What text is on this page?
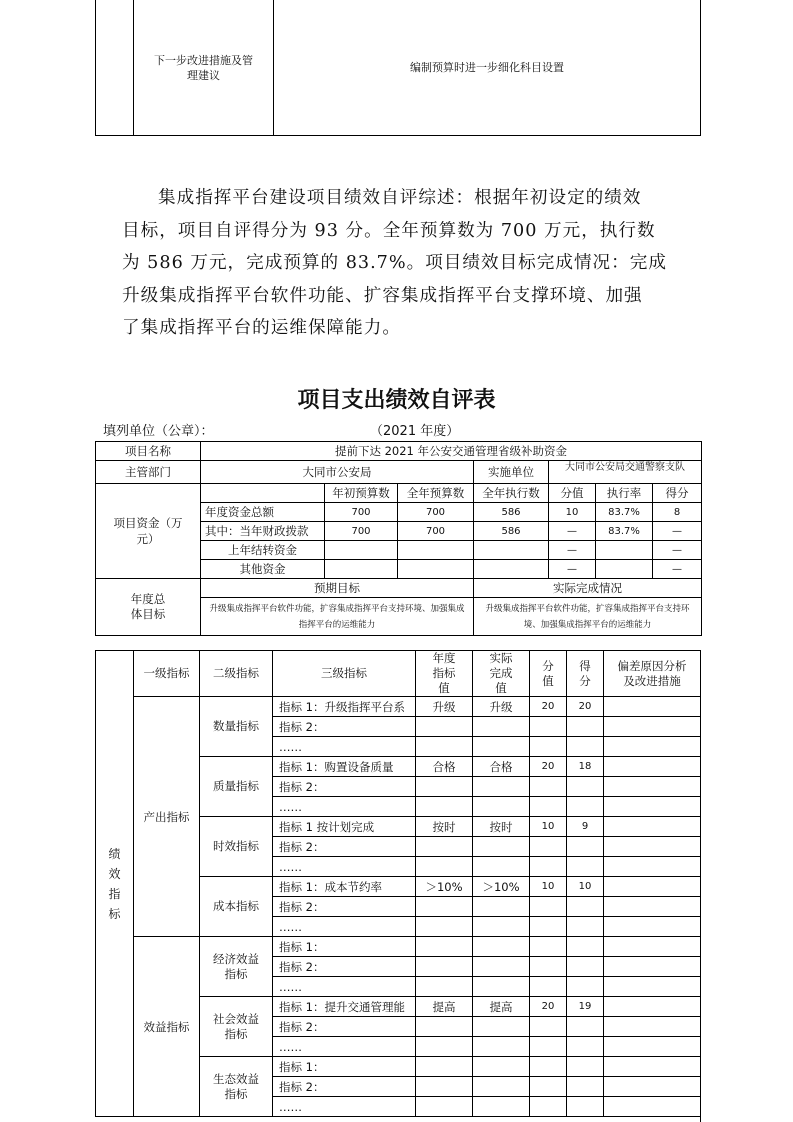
	下一步改进措施及管理建议	编制预算时进一步细化科目设置
集成指挥平台建设项目绩效自评综述：根据年初设定的绩效
目标，项目自评得分为 93 分。全年预算数为 700 万元，执行数
为 586 万元，完成预算的 83.7%。项目绩效目标完成情况：完成
升级集成指挥平台软件功能、扩容集成指挥平台支撑环境、加强
了集成指挥平台的运维保障能力。
项目支出绩效自评表
填列单位（公章）：	（2021 年度）
项目名称	提前下达 2021 年公安交通管理省级补助资金						
主管部门	大同市公安局			实施单位	大同市公安局交通警察支队		
项目资金（万元）		年初预算数	全年预算数	全年执行数	分值	执行率	得分
	年度资金总额	700	700	586	10	83.7%	8
	其中：当年财政拨款	700	700	586	—	83.7%	—
	上年结转资金				—		—
	其他资金				—		—

年度总体目标	预期目标			实际完成情况			
	升级集成指挥平台软件功能，扩容集成指挥平台支持环境、加强集成指挥平台的运维能力			升级集成指挥平台软件功能，扩容集成指挥平台支持环境、加强集成指挥平台的运维能力			
绩效指标	一级指标	二级指标	三级指标	年度指标值	实际完成值	分值	得分	偏差原因分析及改进措施
	产出指标	数量指标	指标 1：升级指挥平台系	升级	升级	20	20	
			指标 2：					
			……					
		质量指标	指标 1：购置设备质量	合格	合格	20	18	
			指标 2：					
			……					
		时效指标	指标 1 按计划完成	按时	按时	10	9	
			指标 2：					
			……					
		成本指标	指标 1：成本节约率	＞10%	＞10%	10	10	
			指标 2：					
			……					
	效益指标	经济效益指标	指标 1：					
			指标 2：					
			……					
		社会效益指标	指标 1：提升交通管理能	提高	提高	20	19	
			指标 2：					
			……					
		生态效益指标	指标 1：					
			指标 2：					
			……					
